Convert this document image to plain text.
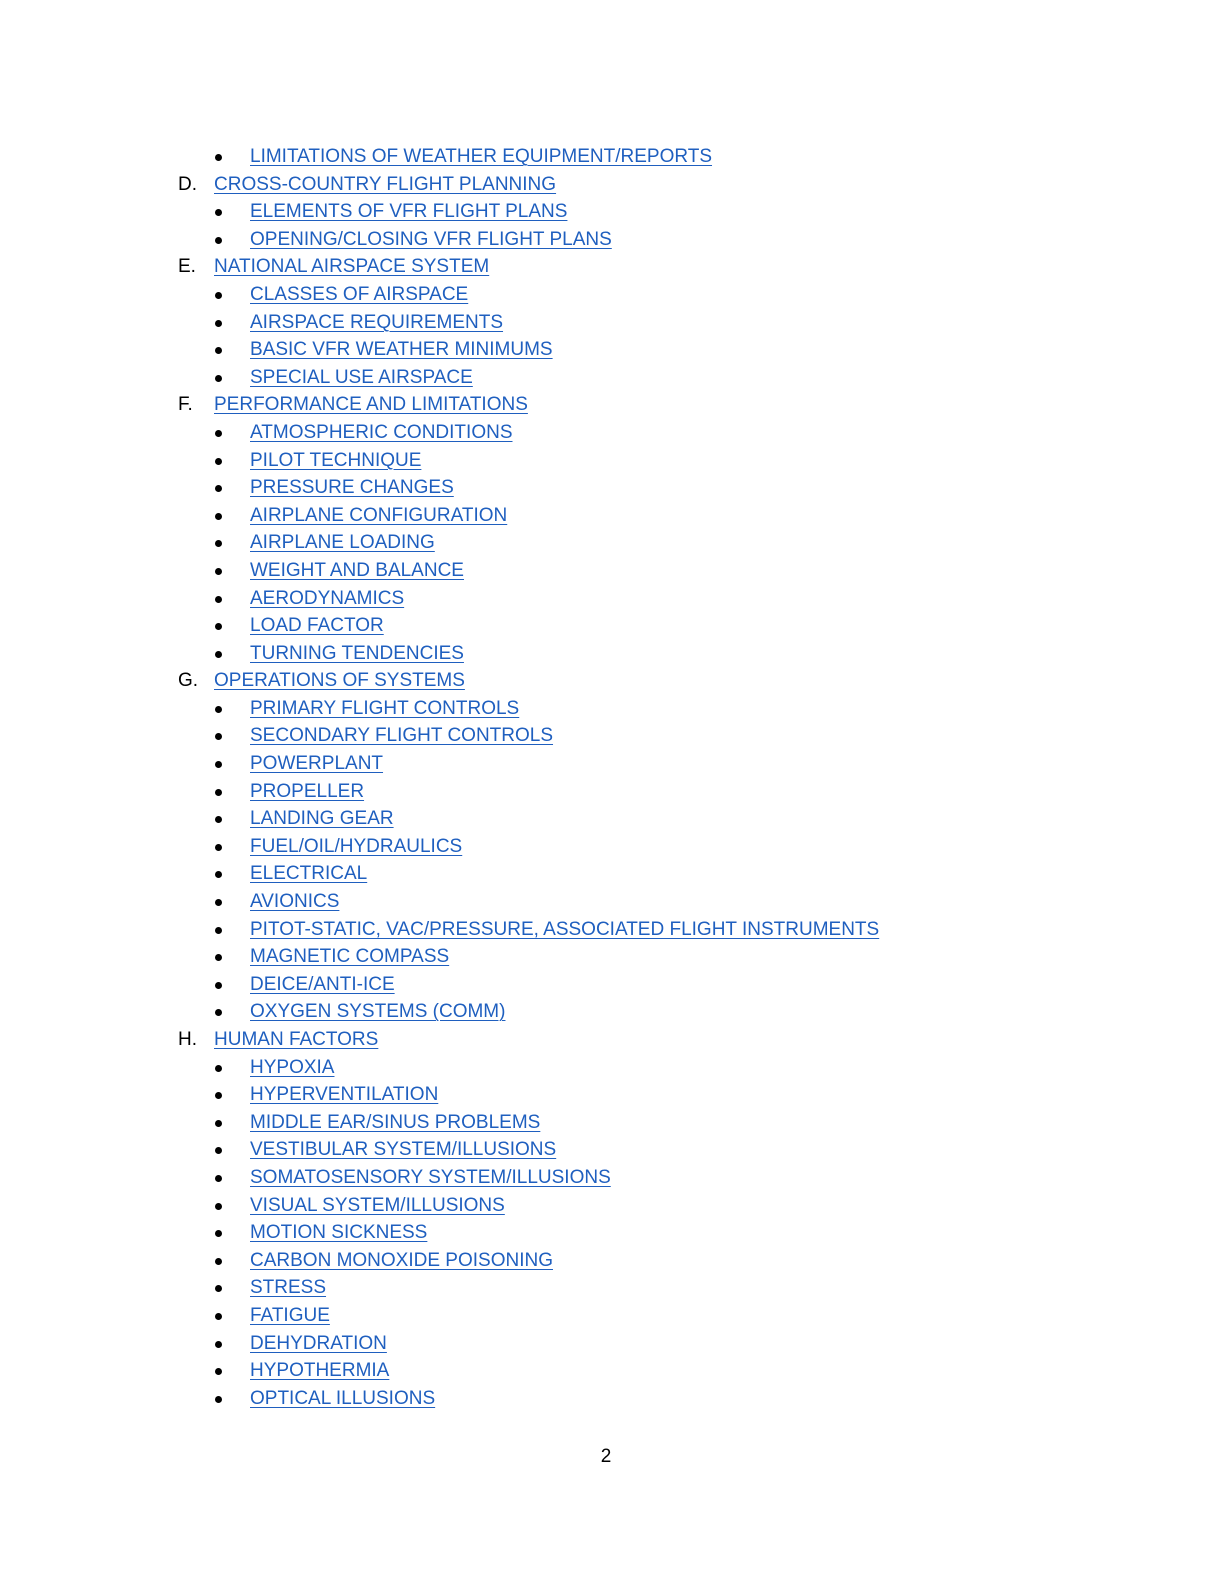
LIMITATIONS OF WEATHER EQUIPMENT/REPORTS
D. CROSS-COUNTRY FLIGHT PLANNING
ELEMENTS OF VFR FLIGHT PLANS
OPENING/CLOSING VFR FLIGHT PLANS
E. NATIONAL AIRSPACE SYSTEM
CLASSES OF AIRSPACE
AIRSPACE REQUIREMENTS
BASIC VFR WEATHER MINIMUMS
SPECIAL USE AIRSPACE
F. PERFORMANCE AND LIMITATIONS
ATMOSPHERIC CONDITIONS
PILOT TECHNIQUE
PRESSURE CHANGES
AIRPLANE CONFIGURATION
AIRPLANE LOADING
WEIGHT AND BALANCE
AERODYNAMICS
LOAD FACTOR
TURNING TENDENCIES
G. OPERATIONS OF SYSTEMS
PRIMARY FLIGHT CONTROLS
SECONDARY FLIGHT CONTROLS
POWERPLANT
PROPELLER
LANDING GEAR
FUEL/OIL/HYDRAULICS
ELECTRICAL
AVIONICS
PITOT-STATIC, VAC/PRESSURE, ASSOCIATED FLIGHT INSTRUMENTS
MAGNETIC COMPASS
DEICE/ANTI-ICE
OXYGEN SYSTEMS (COMM)
H. HUMAN FACTORS
HYPOXIA
HYPERVENTILATION
MIDDLE EAR/SINUS PROBLEMS
VESTIBULAR SYSTEM/ILLUSIONS
SOMATOSENSORY SYSTEM/ILLUSIONS
VISUAL SYSTEM/ILLUSIONS
MOTION SICKNESS
CARBON MONOXIDE POISONING
STRESS
FATIGUE
DEHYDRATION
HYPOTHERMIA
OPTICAL ILLUSIONS
2
